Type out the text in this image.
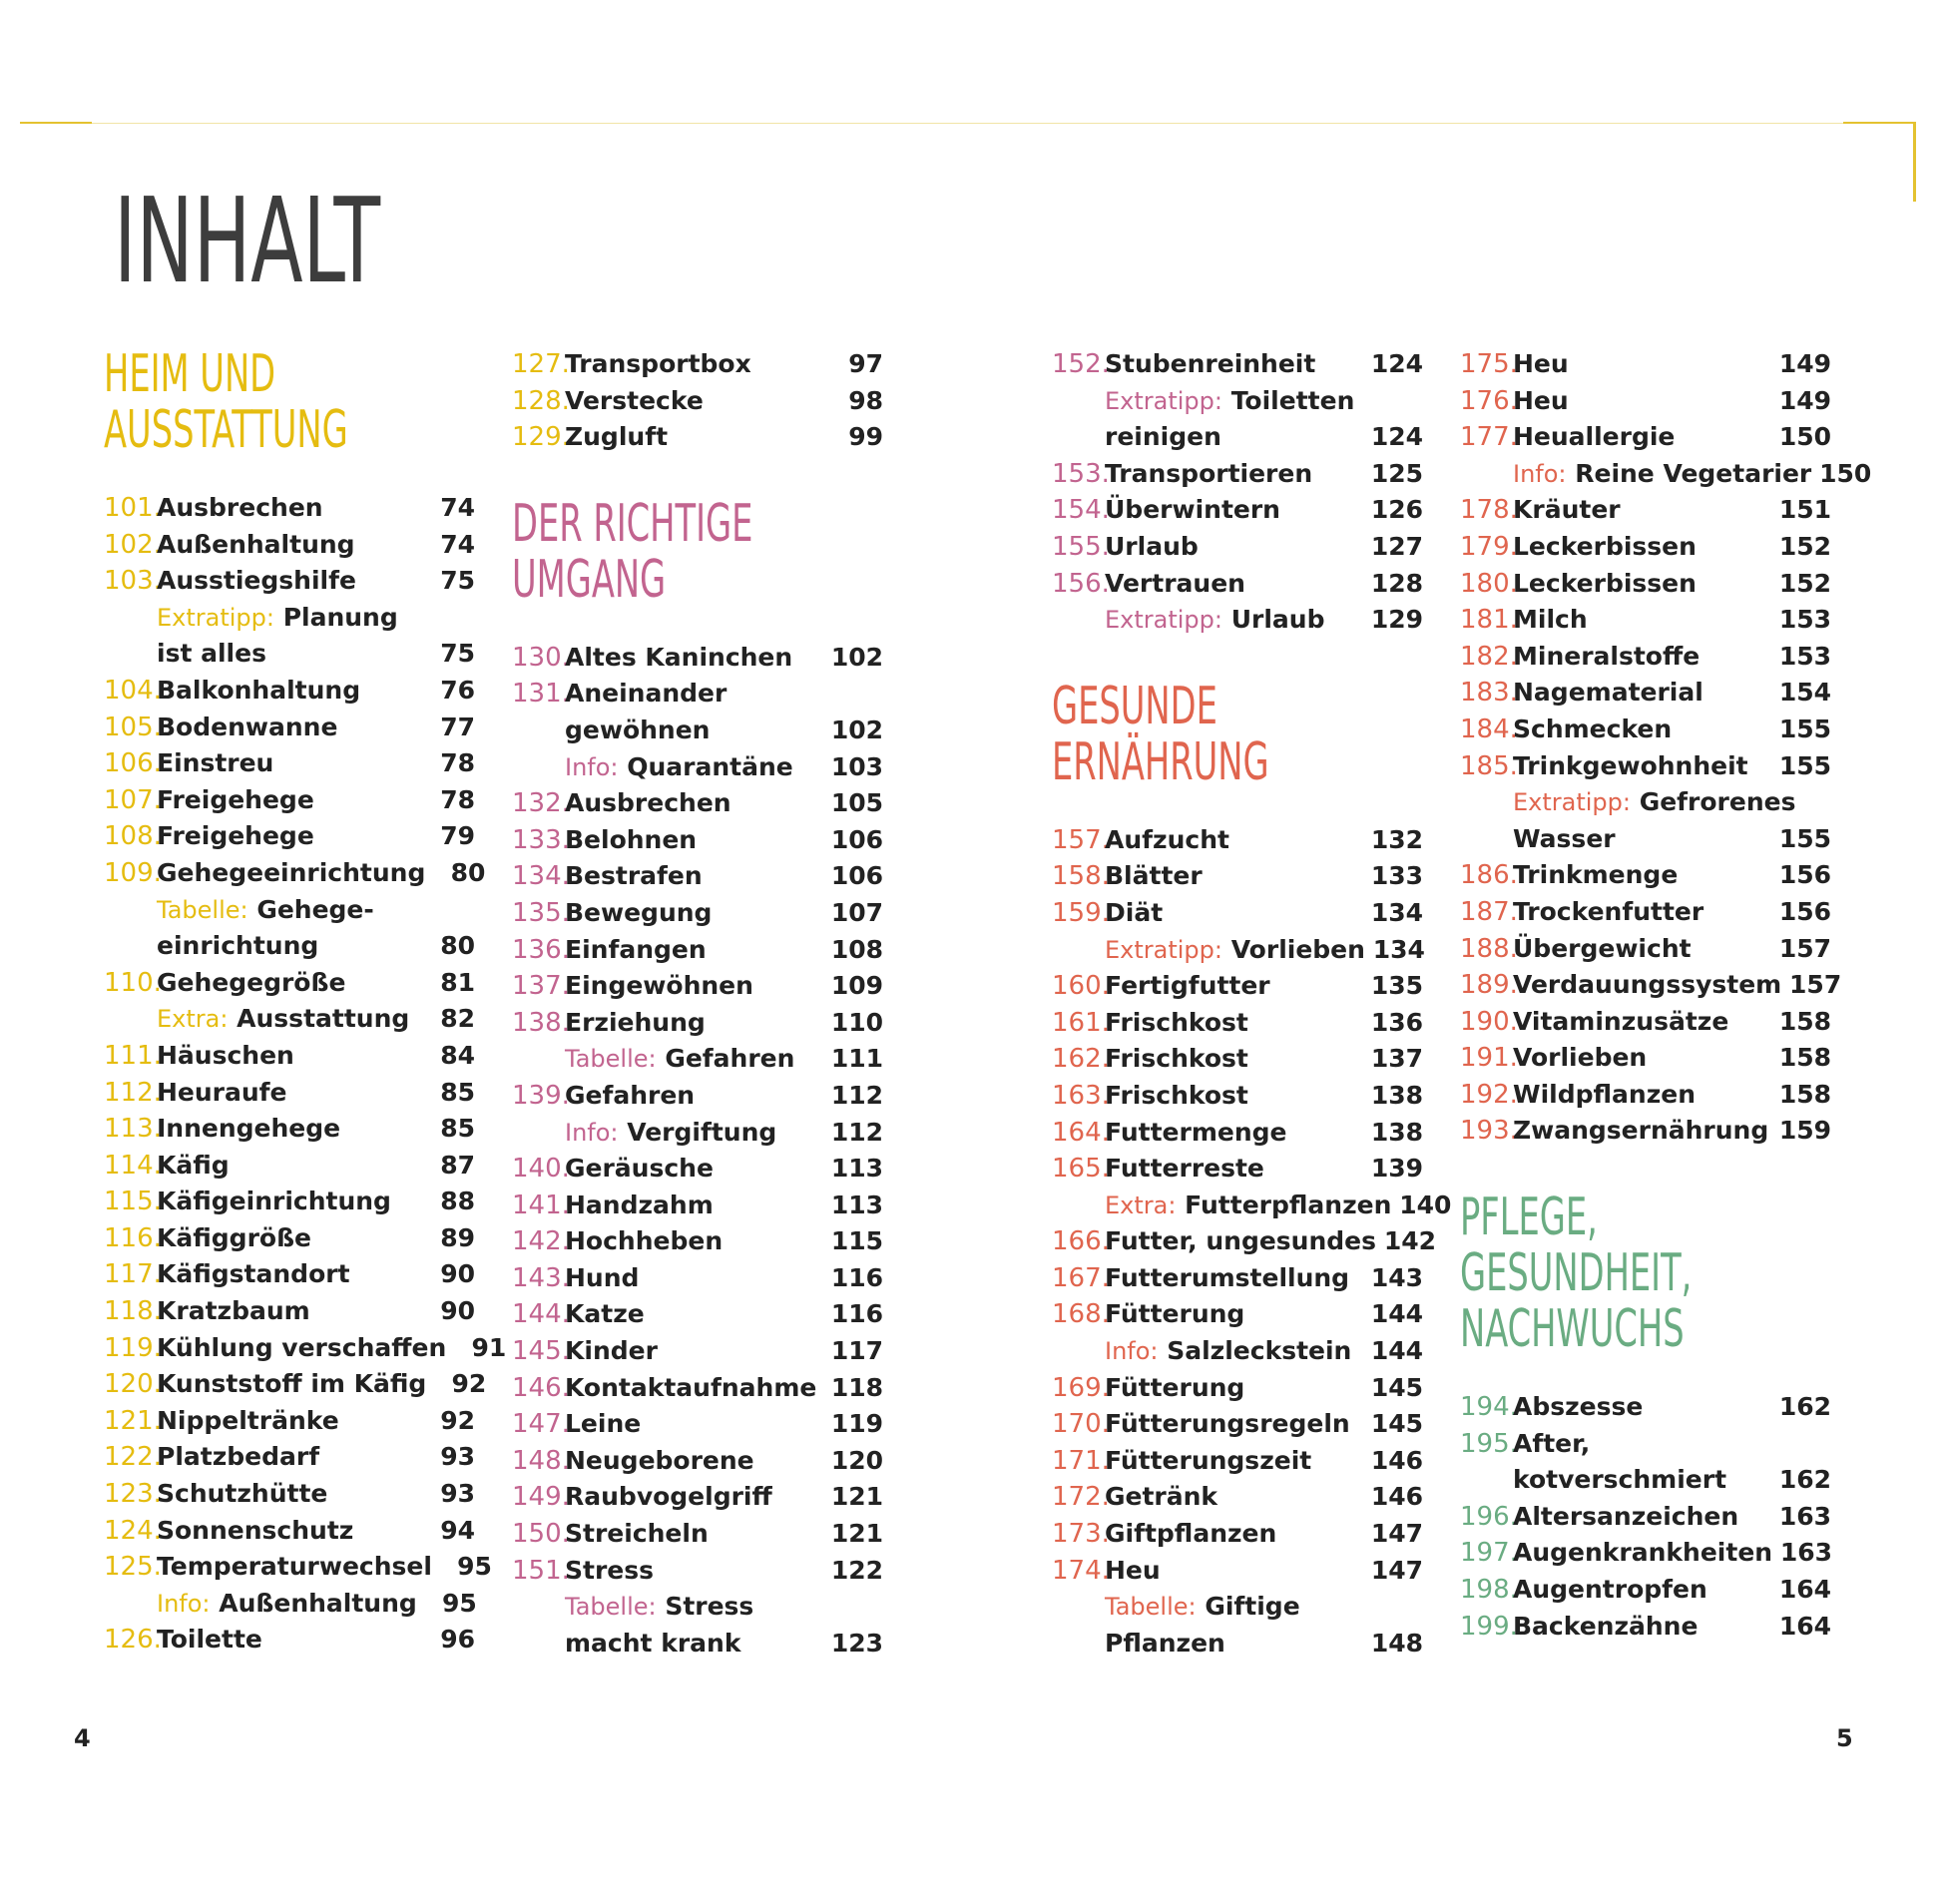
INHALT
HEIM UND
AUSSTATTUNG
101.
Ausbrechen	74
102.
Außenhaltung	74
103.
Ausstiegshilfe	75
Extratipp: Planung
ist alles	75
104.
Balkonhaltung	76
105.
Bodenwanne	77
106.
Einstreu	78
107.
Freigehege	78
108.
Freigehege	79
109.
Gehegeeinrichtung	80
Tabelle: Gehege-
einrichtung	80
110.
Gehegegröße	81
Extra: Ausstattung	82
111.
Häuschen	84
112.
Heuraufe	85
113.
Innengehege	85
114.
Käfig	87
115.
Käfigeinrichtung	88
116.
Käfiggröße	89
117.
Käfigstandort	90
118.
Kratzbaum	90
119.
Kühlung verschaffen	91
120.
Kunststoff im Käfig	92
121.
Nippeltränke	92
122.
Platzbedarf	93
123.
Schutzhütte	93
124.
Sonnenschutz	94
125.
Temperaturwechsel	95
Info: Außenhaltung	95
126.
Toilette	96
127.
Transportbox	97
128.
Verstecke	98
129.
Zugluft	99
DER RICHTIGE
UMGANG
130.
Altes Kaninchen	102
131.
Aneinander
gewöhnen	102
Info: Quarantäne	103
132.
Ausbrechen	105
133.
Belohnen	106
134.
Bestrafen	106
135.
Bewegung	107
136.
Einfangen	108
137.
Eingewöhnen	109
138.
Erziehung	110
Tabelle: Gefahren	111
139.
Gefahren	112
Info: Vergiftung	112
140.
Geräusche	113
141.
Handzahm	113
142.
Hochheben	115
143.
Hund	116
144.
Katze	116
145.
Kinder	117
146.
Kontaktaufnahme 118
147.
Leine	119
148.
Neugeborene	120
149.
Raubvogelgriff	121
150.
Streicheln	121
151.
Stress	122
Tabelle: Stress
macht krank	123
152.
Stubenreinheit	124
Extratipp: Toiletten
reinigen	124
153.
Transportieren	125
154.
Überwintern	126
155.
Urlaub	127
156.
Vertrauen	128
Extratipp: Urlaub	129
GESUNDE
ERNÄHRUNG
157.
Aufzucht	132
158.
Blätter	133
159.
Diät	134
Extratipp: Vorlieben 134
160.
Fertigfutter	135
161.
Frischkost	136
162.
Frischkost	137
163.
Frischkost	138
164.
Futtermenge	138
165.
Futterreste	139
Extra: Futterpflanzen 140
166.
Futter, ungesundes 142
167.
Futterumstellung 143
168.
Fütterung	144
Info: Salzleckstein 144
169.
Fütterung	145
170.
Fütterungsregeln 145
171.
Fütterungszeit	146
172.
Getränk	146
173.
Giftpflanzen	147
174.
Heu	147
Tabelle: Giftige
Pflanzen	148
175.
Heu	149
176.
Heu	149
177.
Heuallergie	150
Info: Reine Vegetarier 150
178.
Kräuter	151
179.
Leckerbissen	152
180.
Leckerbissen	152
181.
Milch	153
182.
Mineralstoffe	153
183.
Nagematerial	154
184.
Schmecken	155
185.
Trinkgewohnheit	155
Extratipp: Gefrorenes
Wasser	155
186.
Trinkmenge	156
187.
Trockenfutter	156
188.
Übergewicht	157
189.
Verdauungssystem 157
190.
Vitaminzusätze	158
191.
Vorlieben	158
192.
Wildpflanzen	158
193.
Zwangsernährung 159
PFLEGE,
GESUNDHEIT,
NACHWUCHS
194.
Abszesse	162
195.
After,
kotverschmiert	162
196.
Altersanzeichen	163
197.
Augenkrankheiten 163
198.
Augentropfen	164
199.
Backenzähne	164
4	5
